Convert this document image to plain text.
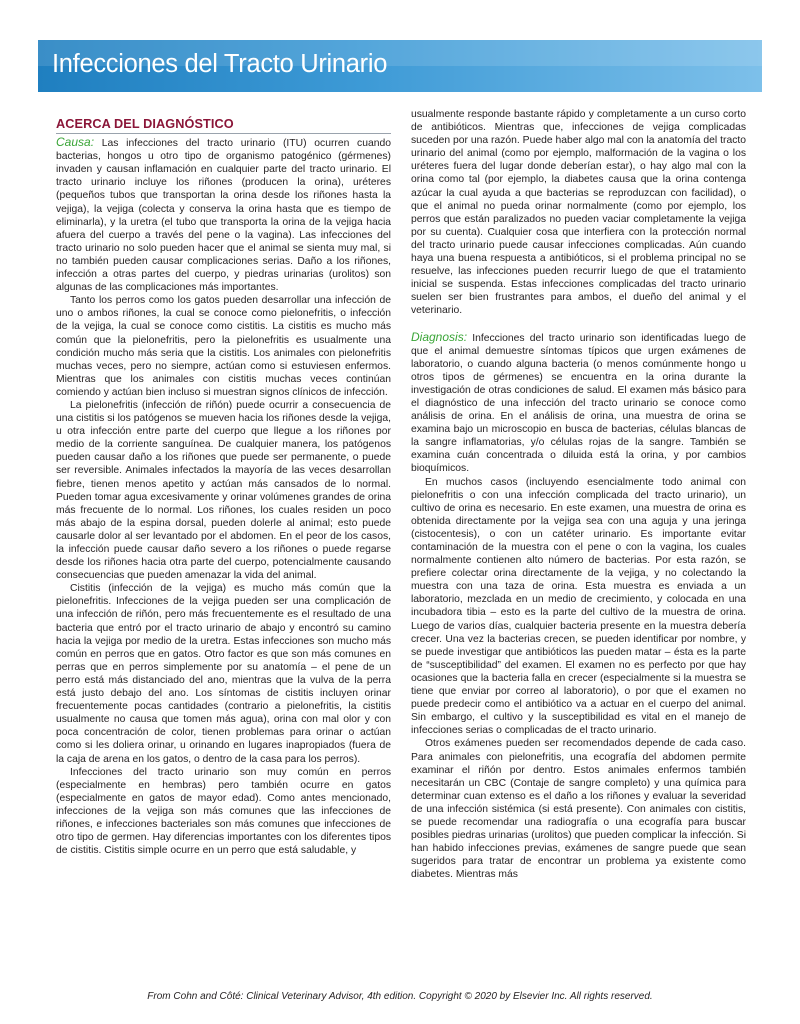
Infecciones del Tracto Urinario
ACERCA DEL DIAGNÓSTICO

Causa: Las infecciones del tracto urinario (ITU) ocurren cuando bacterias, hongos u otro tipo de organismo patogénico (gérmenes) invaden y causan inflamación en cualquier parte del tracto urinario. El tracto urinario incluye los riñones (producen la orina), uréteres (pequeños tubos que transportan la orina desde los riñones hasta la vejiga), la vejiga (colecta y conserva la orina hasta que es tiempo de eliminarla), y la uretra (el tubo que transporta la orina de la vejiga hacia afuera del cuerpo a través del pene o la vagina). Las infecciones del tracto urinario no solo pueden hacer que el animal se sienta muy mal, si no también pueden causar complicaciones serias. Daño a los riñones, infección a otras partes del cuerpo, y piedras urinarias (urolitos) son algunas de las complicaciones más importantes.

Tanto los perros como los gatos pueden desarrollar una infección de uno o ambos riñones, la cual se conoce como pielonefritis, o infección de la vejiga, la cual se conoce como cistitis. La cistitis es mucho más común que la pielonefritis, pero la pielonefritis es usualmente una condición mucho más seria que la cistitis. Los animales con pielonefritis muchas veces, pero no siempre, actúan como si estuviesen enfermos. Mientras que los animales con cistitis muchas veces continúan comiendo y actúan bien incluso si muestran signos clínicos de infección.

La pielonefritis (infección de riñón) puede ocurrir a consecuencia de una cistitis si los patógenos se mueven hacia los riñones desde la vejiga, u otra infección entre parte del cuerpo que llegue a los riñones por medio de la corriente sanguínea. De cualquier manera, los patógenos pueden causar daño a los riñones que puede ser permanente, o puede ser reversible. Animales infectados la mayoría de las veces desarrollan fiebre, tienen menos apetito y actúan más cansados de lo normal. Pueden tomar agua excesivamente y orinar volúmenes grandes de orina más frecuente de lo normal. Los riñones, los cuales residen un poco más abajo de la espina dorsal, pueden dolerle al animal; esto puede causarle dolor al ser levantado por el abdomen. En el peor de los casos, la infección puede causar daño severo a los riñones o puede regarse desde los riñones hacia otra parte del cuerpo, potencialmente causando consecuencias que pueden amenazar la vida del animal.

Cistitis (infección de la vejiga) es mucho más común que la pielonefritis. Infecciones de la vejiga pueden ser una complicación de una infección de riñón, pero más frecuentemente es el resultado de una bacteria que entró por el tracto urinario de abajo y encontró su camino hacia la vejiga por medio de la uretra. Estas infecciones son mucho más común en perros que en gatos. Otro factor es que son más comunes en perras que en perros simplemente por su anatomía – el pene de un perro está más distanciado del ano, mientras que la vulva de la perra está justo debajo del ano. Los síntomas de cistitis incluyen orinar frecuentemente pocas cantidades (contrario a pielonefritis, la cistitis usualmente no causa que tomen más agua), orina con mal olor y con poca concentración de color, tienen problemas para orinar o actúan como si les doliera orinar, u orinando en lugares inapropiados (fuera de la caja de arena en los gatos, o dentro de la casa para los perros).

Infecciones del tracto urinario son muy común en perros (especialmente en hembras) pero también ocurre en gatos (especialmente en gatos de mayor edad). Como antes mencionado, infecciones de la vejiga son más comunes que las infecciones de riñones, e infecciones bacteriales son más comunes que infecciones de otro tipo de germen. Hay diferencias importantes con los diferentes tipos de cistitis. Cistitis simple ocurre en un perro que está saludable, y

usualmente responde bastante rápido y completamente a un curso corto de antibióticos. Mientras que, infecciones de vejiga complicadas suceden por una razón. Puede haber algo mal con la anatomía del tracto urinario del animal (como por ejemplo, malformación de la vagina o los uréteres fuera del lugar donde deberían estar), o hay algo mal con la orina como tal (por ejemplo, la diabetes causa que la orina contenga azúcar la cual ayuda a que bacterias se reproduzcan con facilidad), o que el animal no pueda orinar normalmente (como por ejemplo, los perros que están paralizados no pueden vaciar completamente la vejiga por su cuenta). Cualquier cosa que interfiera con la protección normal del tracto urinario puede causar infecciones complicadas. Aún cuando haya una buena respuesta a antibióticos, si el problema principal no se resuelve, las infecciones pueden recurrir luego de que el tratamiento inicial se suspenda. Estas infecciones complicadas del tracto urinario suelen ser bien frustrantes para ambos, el dueño del animal y el veterinario.

Diagnosis: Infecciones del tracto urinario son identificadas luego de que el animal demuestre síntomas típicos que urgen exámenes de laboratorio, o cuando alguna bacteria (o menos comúnmente hongo u otros tipos de gérmenes) se encuentra en la orina durante la investigación de otras condiciones de salud. El examen más básico para el diagnóstico de una infección del tracto urinario se conoce como análisis de orina. En el análisis de orina, una muestra de orina se examina bajo un microscopio en busca de bacterias, células blancas de la sangre inflamatorias, y/o células rojas de la sangre. También se examina cuán concentrada o diluida está la orina, y por cambios bioquímicos.

En muchos casos (incluyendo esencialmente todo animal con pielonefritis o con una infección complicada del tracto urinario), un cultivo de orina es necesario. En este examen, una muestra de orina es obtenida directamente por la vejiga sea con una aguja y una jeringa (cistocentesis), o con un catéter urinario. Es importante evitar contaminación de la muestra con el pene o con la vagina, los cuales normalmente contienen alto número de bacterias. Por esta razón, se prefiere colectar orina directamente de la vejiga, y no colectando la muestra con una taza de orina. Esta muestra es enviada a un laboratorio, mezclada en un medio de crecimiento, y colocada en una incubadora tibia – esto es la parte del cultivo de la muestra de orina. Luego de varios días, cualquier bacteria presente en la muestra debería crecer. Una vez la bacterias crecen, se pueden identificar por nombre, y se puede investigar que antibióticos las pueden matar – ésta es la parte de “susceptibilidad” del examen. El examen no es perfecto por que hay ocasiones que la bacteria falla en crecer (especialmente si la muestra se tiene que enviar por correo al laboratorio), o por que el examen no puede predecir como el antibiótico va a actuar en el cuerpo del animal. Sin embargo, el cultivo y la susceptibilidad es vital en el manejo de infecciones serias o complicadas de el tracto urinario.

Otros exámenes pueden ser recomendados depende de cada caso. Para animales con pielonefritis, una ecografía del abdomen permite examinar el riñón por dentro. Estos animales enfermos también necesitarán un CBC (Contaje de sangre completo) y una química para determinar cuan extenso es el daño a los riñones y evaluar la severidad de una infección sistémica (si está presente). Con animales con cistitis, se puede recomendar una radiografía o una ecografía para buscar posibles piedras urinarias (urolitos) que pueden complicar la infección. Si han habido infecciones previas, exámenes de sangre puede que sean sugeridos para tratar de encontrar un problema ya existente como diabetes. Mientras más

From Cohn and Côté: Clinical Veterinary Advisor, 4th edition. Copyright © 2020 by Elsevier Inc. All rights reserved.
